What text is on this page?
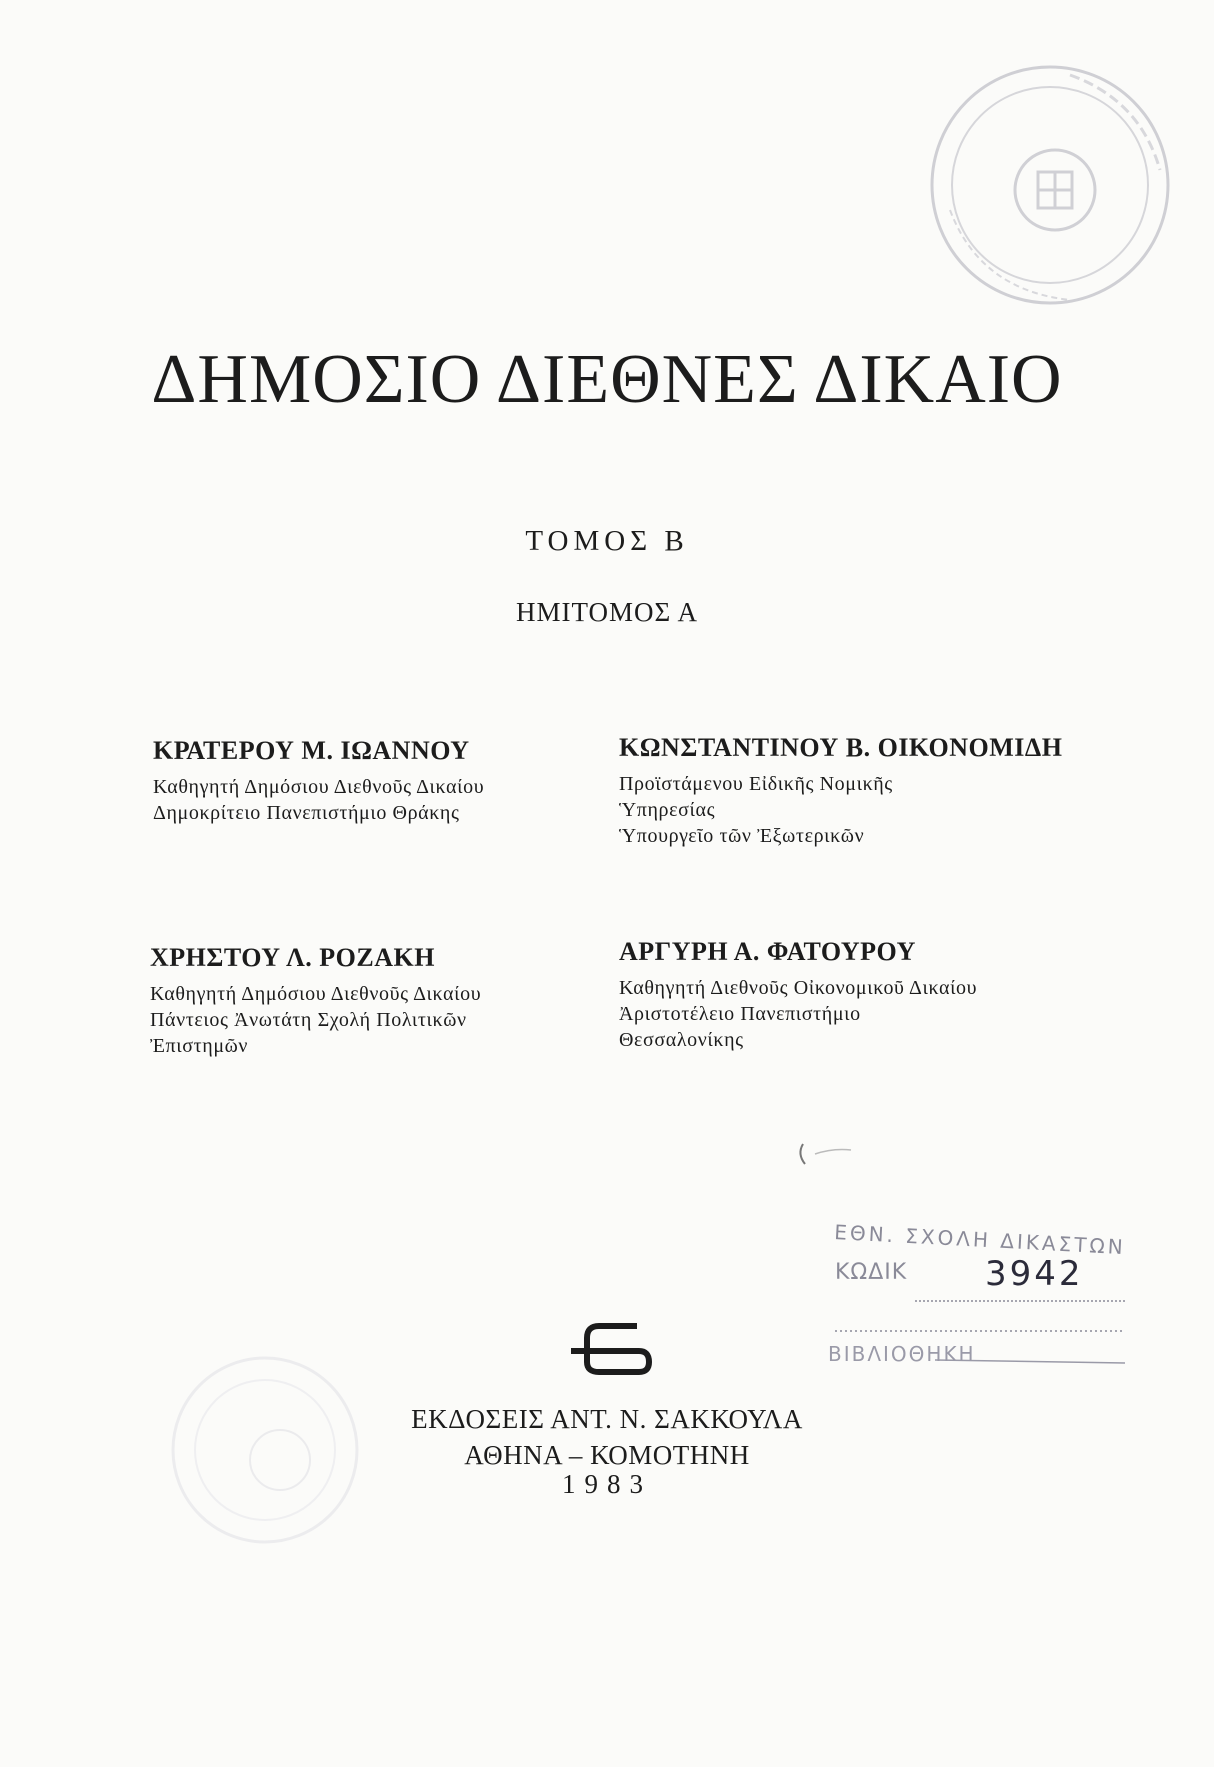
ΔΗΜΟΣΙΟ ΔΙΕΘΝΕΣ ΔΙΚΑΙΟ
ΤΟΜΟΣ Β
ΗΜΙΤΟΜΟΣ Α
ΚΡΑΤΕΡΟΥ Μ. ΙΩΑΝΝΟΥ
Καθηγητή Δημόσιου Διεθνοῦς Δικαίου
Δημοκρίτειο Πανεπιστήμιο Θράκης
ΚΩΝΣΤΑΝΤΙΝΟΥ Β. ΟΙΚΟΝΟΜΙΔΗ
Προϊστάμενου Εἰδικῆς Νομικῆς
Ὑπηρεσίας
Ὑπουργεῖο τῶν Ἐξωτερικῶν
ΧΡΗΣΤΟΥ Λ. ΡΟΖΑΚΗ
Καθηγητή Δημόσιου Διεθνοῦς Δικαίου
Πάντειος Ἀνωτάτη Σχολή Πολιτικῶν
Ἐπιστημῶν
ΑΡΓΥΡΗ Α. ΦΑΤΟΥΡΟΥ
Καθηγητή Διεθνοῦς Οἰκονομικοῦ Δικαίου
Ἀριστοτέλειο Πανεπιστήμιο
Θεσσαλονίκης
ΕΘΝ. ΣΧΟΛΗ ΔΙΚΑΣΤΩΝ
ΚΩΔΙΚ 3942
ΒΙΒΛΙΟΘΗΚΗ
ΕΚΔΟΣΕΙΣ ΑΝΤ. Ν. ΣΑΚΚΟΥΛΑ
ΑΘΗΝΑ – ΚΟΜΟΤΗΝΗ
1983
